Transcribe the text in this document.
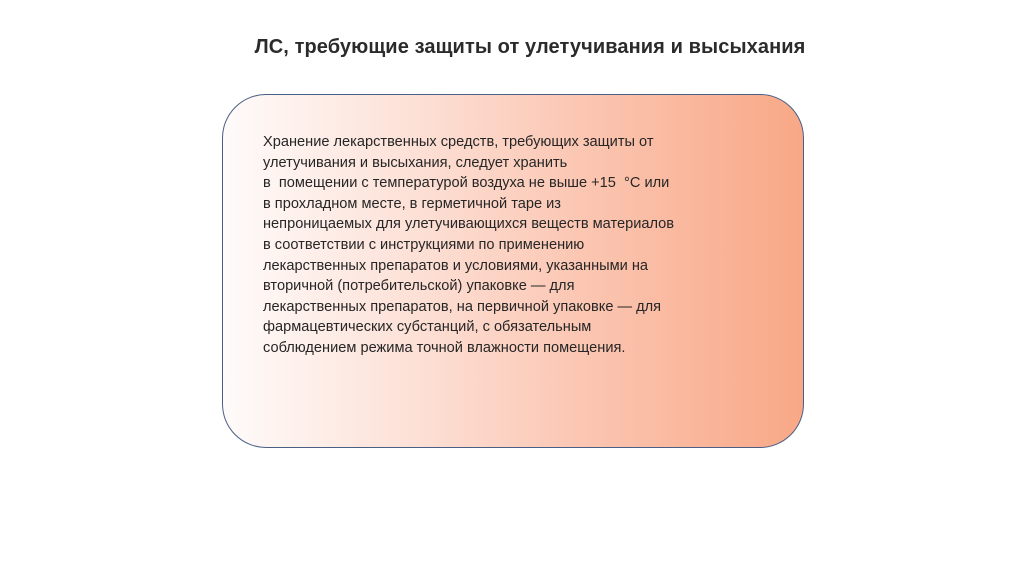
ЛС, требующие защиты от улетучивания и высыхания
Хранение лекарственных средств, требующих защиты от
улетучивания и высыхания, следует хранить
в  помещении с температурой воздуха не выше +15  °С или
в прохладном месте, в герметичной таре из
непроницаемых для улетучивающихся веществ материалов
в соответствии с инструкциями по применению
лекарственных препаратов и условиями, указанными на
вторичной (потребительской) упаковке — для
лекарственных препаратов, на первичной упаковке — для
фармацевтических субстанций, с обязательным
соблюдением режима точной влажности помещения.
